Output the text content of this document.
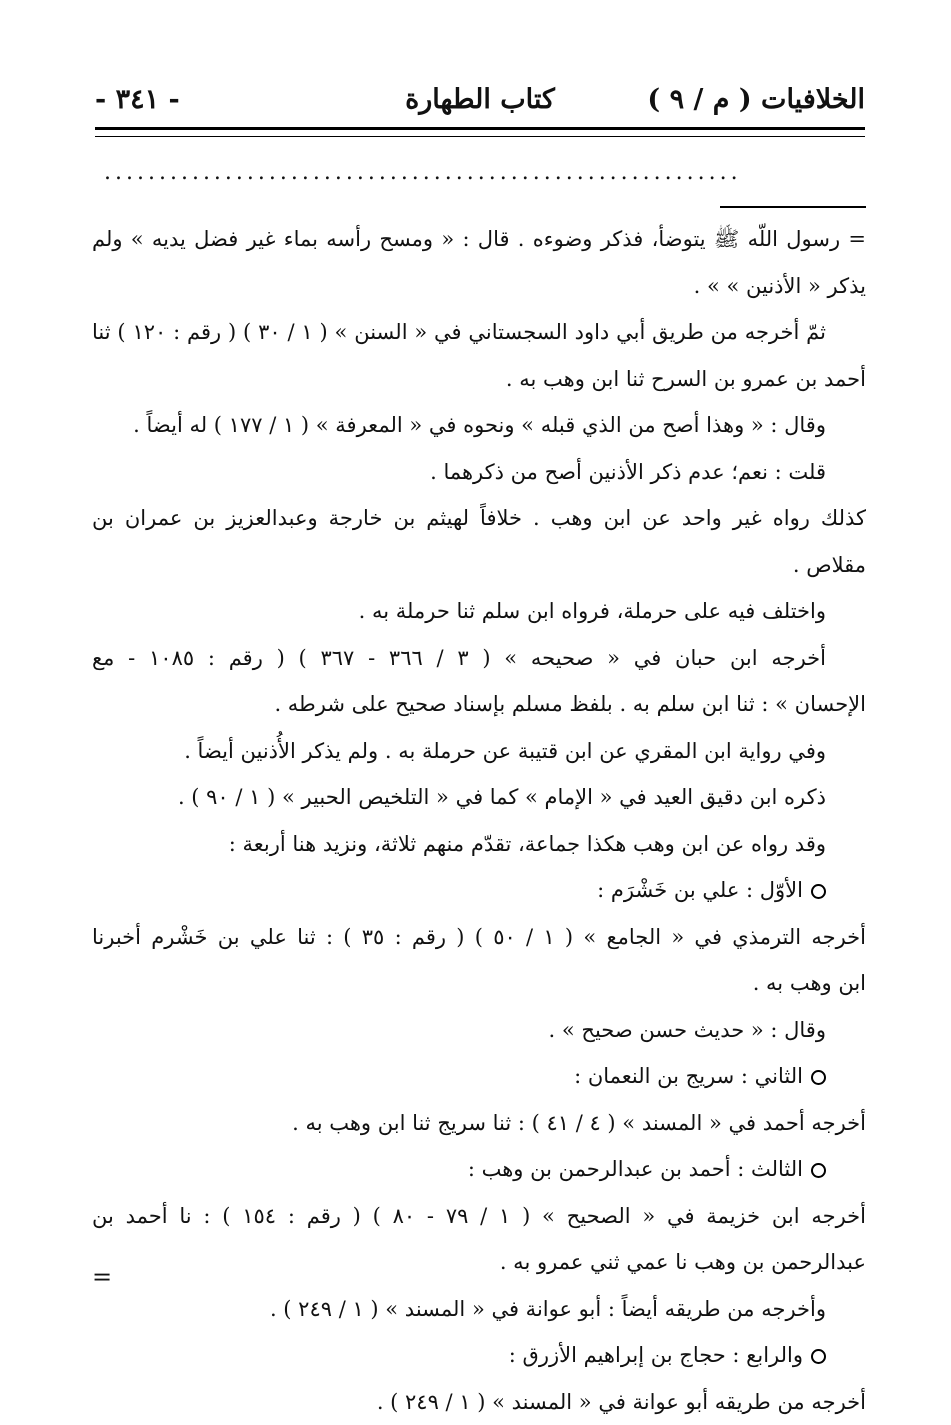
الخلافيات ( م / ٩ )
كتاب الطهارة
- ٣٤١ -
..........................................................
= رسول اللّه ﷺ يتوضأ، فذكر وضوءه . قال : « ومسح رأسه بماء غير فضل يديه » ولم
يذكر « الأذنين » » .
ثمّ أخرجه من طريق أبي داود السجستاني في « السنن » ( ١ / ٣٠ ) ( رقم : ١٢٠ ) ثنا
أحمد بن عمرو بن السرح ثنا ابن وهب به .
وقال : « وهذا أصح من الذي قبله » ونحوه في « المعرفة » ( ١ / ١٧٧ ) له أيضاً .
قلت : نعم؛ عدم ذكر الأذنين أصح من ذكرهما .
كذلك رواه غير واحد عن ابن وهب . خلافاً لهيثم بن خارجة وعبدالعزيز بن عمران بن
مقلاص .
واختلف فيه على حرملة، فرواه ابن سلم ثنا حرملة به .
أخرجه ابن حبان في « صحيحه » ( ٣ / ٣٦٦ - ٣٦٧ ) ( رقم : ١٠٨٥ - مع
الإحسان » : ثنا ابن سلم به . بلفظ مسلم بإسناد صحيح على شرطه .
وفي رواية ابن المقري عن ابن قتيبة عن حرملة به . ولم يذكر الأُذنين أيضاً .
ذكره ابن دقيق العيد في « الإمام » كما في « التلخيص الحبير » ( ١ / ٩٠ ) .
وقد رواه عن ابن وهب هكذا جماعة، تقدّم منهم ثلاثة، ونزيد هنا أربعة :
الأوّل : علي بن خَشْرَم :
أخرجه الترمذي في « الجامع » ( ١ / ٥٠ ) ( رقم : ٣٥ ) : ثنا علي بن خَشْرم أخبرنا
ابن وهب به .
وقال : « حديث حسن صحيح » .
الثاني : سريج بن النعمان :
أخرجه أحمد في « المسند » ( ٤ / ٤١ ) : ثنا سريج ثنا ابن وهب به .
الثالث : أحمد بن عبدالرحمن بن وهب :
أخرجه ابن خزيمة في « الصحيح » ( ١ / ٧٩ - ٨٠ ) ( رقم : ١٥٤ ) : نا أحمد بن
عبدالرحمن بن وهب نا عمي ثني عمرو به .
وأخرجه من طريقه أيضاً : أبو عوانة في « المسند » ( ١ / ٢٤٩ ) .
والرابع : حجاج بن إبراهيم الأزرق :
أخرجه من طريقه أبو عوانة في « المسند » ( ١ / ٢٤٩ ) .
=
